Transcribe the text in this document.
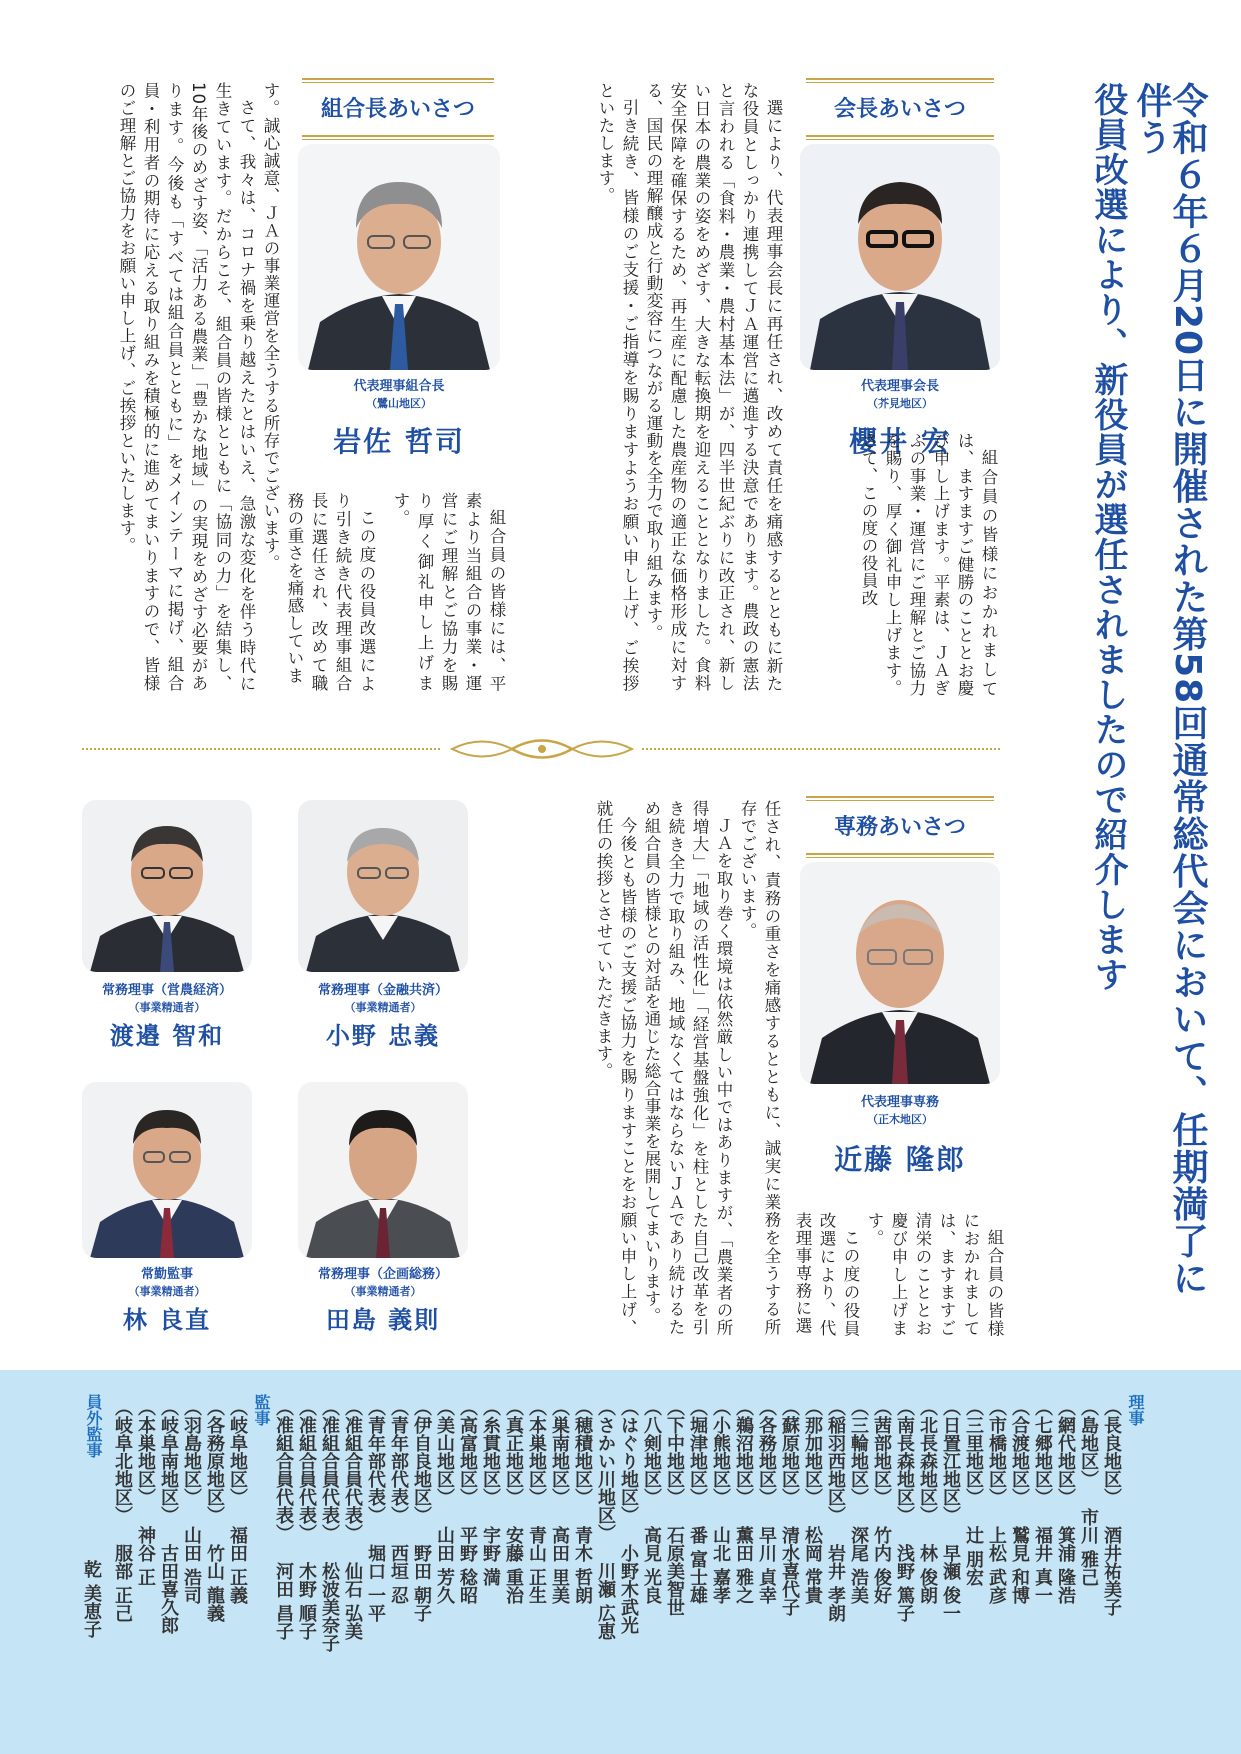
令和６年６月20日に開催された第58回通常総代会において、任期満了に伴う
役員改選により、新役員が選任されましたので紹介します
会長あいさつ
代表理事会長
（芥見地区）
櫻井 宏

組合員の皆様におかれましては、ますますご健勝のこととお慶び申し上げます。平素は、ＪＡぎふの事業・運営にご理解とご協力を賜り、厚く御礼申し上げます。さて、この度の役員改

選により、代表理事会長に再任され、改めて責任を痛感するとともに新たな役員としっかり連携してＪＡ運営に邁進する決意であります。農政の憲法と言われる「食料・農業・農村基本法」が、四半世紀ぶりに改正され、新しい日本の農業の姿をめざす、大きな転換期を迎えることとなりました。食料安全保障を確保するため、再生産に配慮した農産物の適正な価格形成に対する、国民の理解醸成と行動変容につながる運動を全力で取り組みます。

引き続き、皆様のご支援・ご指導を賜りますようお願い申し上げ、ご挨拶といたします。

組合長あいさつ
代表理事組合長
（鷺山地区）
岩佐 哲司

組合員の皆様には、平素より当組合の事業・運営にご理解とご協力を賜り厚く御礼申し上げます。

この度の役員改選により引き続き代表理事組合長に選任され、改めて職務の重さを痛感していま

す。誠心誠意、ＪＡの事業運営を全うする所存でございます。

さて、我々は、コロナ禍を乗り越えたとはいえ、急激な変化を伴う時代に生きています。だからこそ、組合員の皆様とともに「協同の力」を結集し、10年後のめざす姿、「活力ある農業」「豊かな地域」の実現をめざす必要があります。今後も「すべては組合員とともに」をメインテーマに掲げ、組合員・利用者の期待に応える取り組みを積極的に進めてまいりますので、皆様のご理解とご協力をお願い申し上げ、ご挨拶といたします。

専務あいさつ
代表理事専務
（正木地区）
近藤 隆郎

組合員の皆様におかれましては、ますますご清栄のこととお慶び申し上げます。

この度の役員改選により、代表理事専務に選

任され、責務の重さを痛感するとともに、誠実に業務を全うする所存でございます。

ＪＡを取り巻く環境は依然厳しい中ではありますが、「農業者の所得増大」「地域の活性化」「経営基盤強化」を柱とした自己改革を引き続き全力で取り組み、地域なくてはならないＪＡであり続けるため組合員の皆様との対話を通じた総合事業を展開してまいります。

今後とも皆様のご支援ご協力を賜りますことをお願い申し上げ、就任の挨拶とさせていただきます。

常務理事（金融共済）
（事業精通者）
小野 忠義
常務理事（営農経済）
（事業精通者）
渡邉 智和
常務理事（企画総務）
（事業精通者）
田島 義則
常勤監事
（事業精通者）
林 良直
理事
監事
員外監事
乾 美恵子
（長良地区）酒井祐美子
（島地区）市川 雅己
（網代地区）箕浦 隆浩
（七郷地区）福井 真一
（合渡地区）鷲見 和博
（市橋地区）上松 武彦
（三里地区）辻 朋宏
（日置江地区）早瀬 俊一
（北長森地区）林 俊朗
（南長森地区）浅野 篤子
（茜部地区）竹内 俊好
（三輪地区）深尾 浩美
（稲羽西地区）岩井 孝朗
（那加地区）松岡 常貴
（蘇原地区）清水喜代子
（各務地区）早川 貞幸
（鵜沼地区）薫田 雅之
（小熊地区）山北 嘉孝
（堀津地区）番 富士雄
（下中地区）石原美智世
（八剣地区）高見 光良
（はぐり地区）小野木武光
（さかい川地区）川瀬 広恵
（穂積地区）青木 哲朗
（巣南地区）高田 里美
（本巣地区）青山 正生
（真正地区）安藤 重治
（糸貫地区）宇野 満
（高富地区）平野 稔昭
（美山地区）山田 芳久
（伊自良地区）野田 朝子
（青年部代表）西垣 忍
（青年部代表）堀口 一平
（准組合員代表）仙石 弘美
（准組合員代表）松波美奈子
（准組合員代表）木野 順子
（准組合員代表）河田 昌子
（岐阜地区）福田 正義
（各務原地区）竹山 龍義
（羽島地区）山田 浩司
（岐阜南地区）古田喜久郎
（本巣地区）神谷 正
（岐阜北地区）服部 正己
